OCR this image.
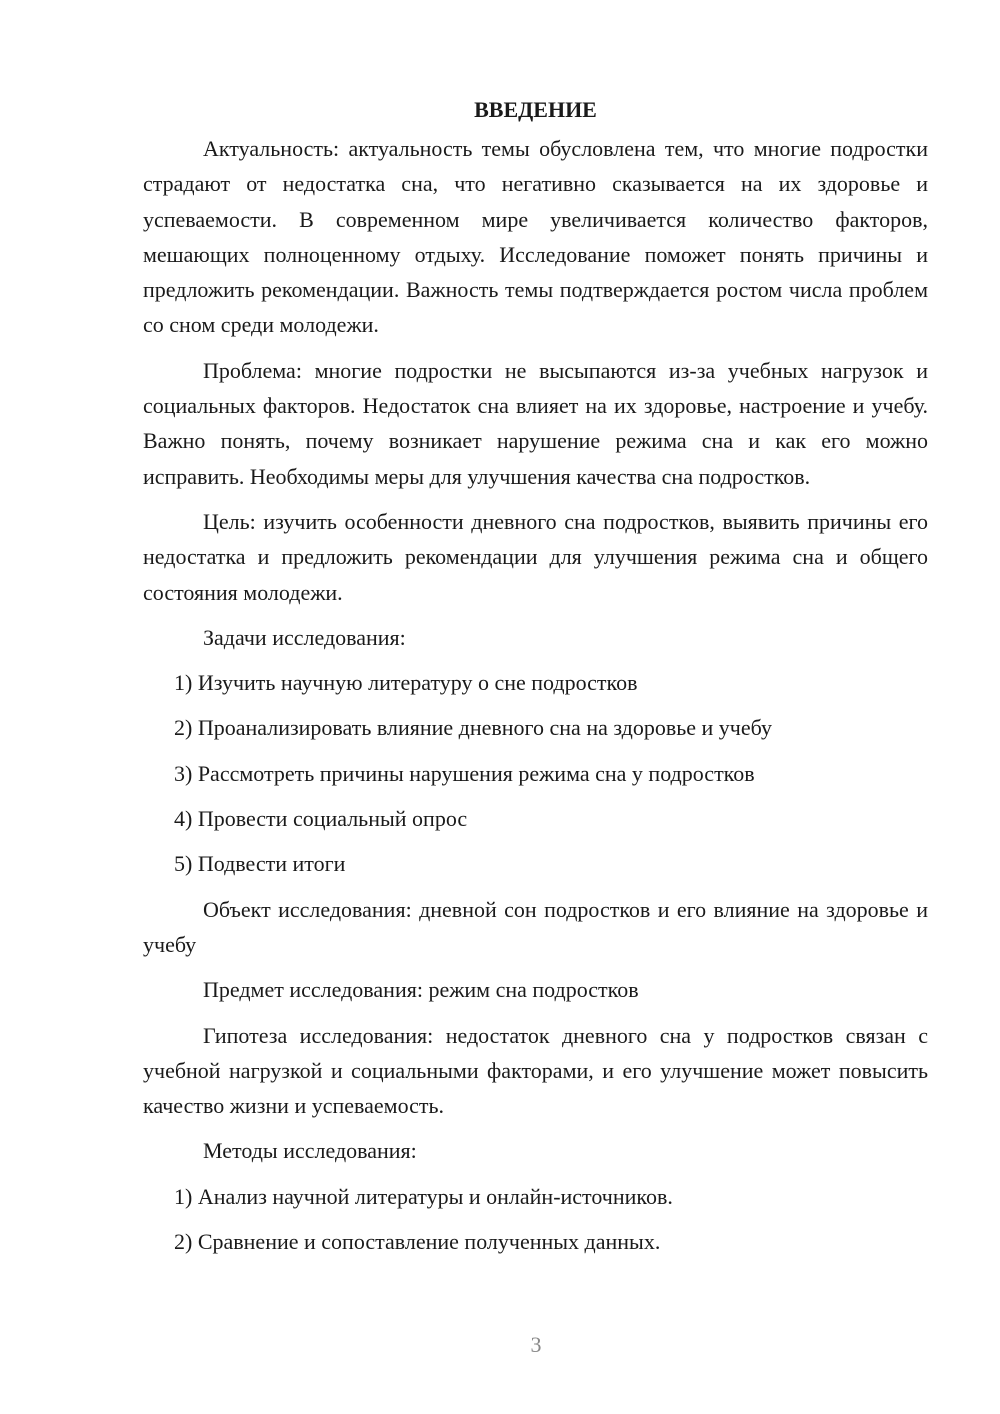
ВВЕДЕНИЕ

Актуальность: актуальность темы обусловлена тем, что многие подростки страдают от недостатка сна, что негативно сказывается на их здоровье и успеваемости. В современном мире увеличивается количество факторов, мешающих полноценному отдыху. Исследование поможет понять причины и предложить рекомендации. Важность темы подтверждается ростом числа проблем со сном среди молодежи.

Проблема: многие подростки не высыпаются из-за учебных нагрузок и социальных факторов. Недостаток сна влияет на их здоровье, настроение и учебу. Важно понять, почему возникает нарушение режима сна и как его можно исправить. Необходимы меры для улучшения качества сна подростков.

Цель: изучить особенности дневного сна подростков, выявить причины его недостатка и предложить рекомендации для улучшения режима сна и общего состояния молодежи.

Задачи исследования:

1) Изучить научную литературу о сне подростков

2) Проанализировать влияние дневного сна на здоровье и учебу

3) Рассмотреть причины нарушения режима сна у подростков

4) Провести социальный опрос

5) Подвести итоги

Объект исследования: дневной сон подростков и его влияние на здоровье и учебу

Предмет исследования: режим сна подростков

Гипотеза исследования: недостаток дневного сна у подростков связан с учебной нагрузкой и социальными факторами, и его улучшение может повысить качество жизни и успеваемость.

Методы исследования:

1) Анализ научной литературы и онлайн-источников.

2) Сравнение и сопоставление полученных данных.

3
